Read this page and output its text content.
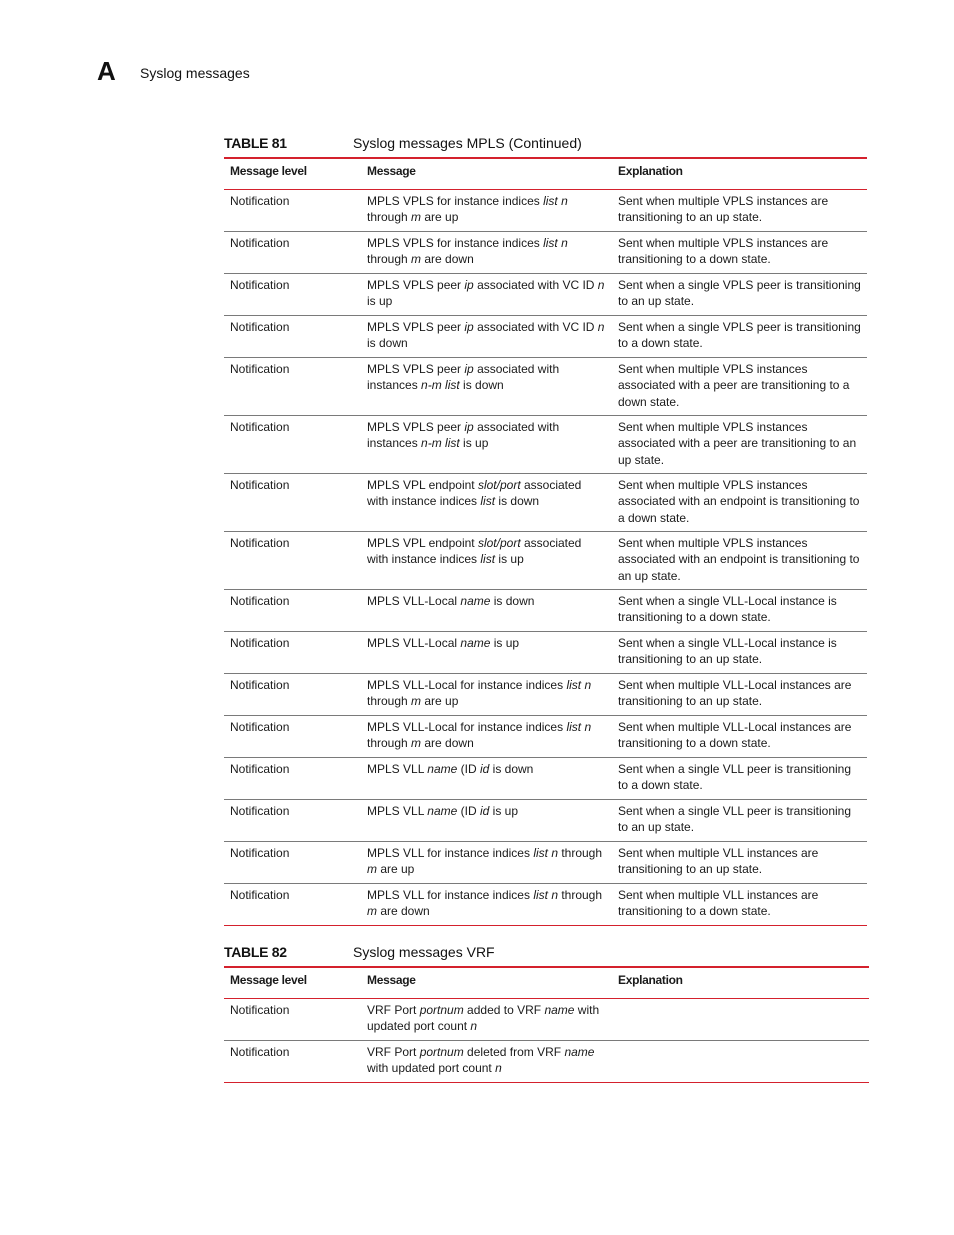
A Syslog messages
TABLE 81	Syslog messages MPLS (Continued)
Message level	Message	Explanation
Notification	MPLS VPLS for instance indices list n through m are up	Sent when multiple VPLS instances are transitioning to an up state.
Notification	MPLS VPLS for instance indices list n through m are down	Sent when multiple VPLS instances are transitioning to a down state.
Notification	MPLS VPLS peer ip associated with VC ID n is up	Sent when a single VPLS peer is transitioning to an up state.
Notification	MPLS VPLS peer ip associated with VC ID n is down	Sent when a single VPLS peer is transitioning to a down state.
Notification	MPLS VPLS peer ip associated with instances n-m list is down	Sent when multiple VPLS instances associated with a peer are transitioning to a down state.
Notification	MPLS VPLS peer ip associated with instances n-m list is up	Sent when multiple VPLS instances associated with a peer are transitioning to an up state.
Notification	MPLS VPL endpoint slot/port associated with instance indices list is down	Sent when multiple VPLS instances associated with an endpoint is transitioning to a down state.
Notification	MPLS VPL endpoint slot/port associated with instance indices list is up	Sent when multiple VPLS instances associated with an endpoint is transitioning to an up state.
Notification	MPLS VLL-Local name is down	Sent when a single VLL-Local instance is transitioning to a down state.
Notification	MPLS VLL-Local name is up	Sent when a single VLL-Local instance is transitioning to an up state.
Notification	MPLS VLL-Local for instance indices list n through m are up	Sent when multiple VLL-Local instances are transitioning to an up state.
Notification	MPLS VLL-Local for instance indices list n through m are down	Sent when multiple VLL-Local instances are transitioning to a down state.
Notification	MPLS VLL name (ID id is down	Sent when a single VLL peer is transitioning to a down state.
Notification	MPLS VLL name (ID id is up	Sent when a single VLL peer is transitioning to an up state.
Notification	MPLS VLL for instance indices list n through m are up	Sent when multiple VLL instances are transitioning to an up state.
Notification	MPLS VLL for instance indices list n through m are down	Sent when multiple VLL instances are transitioning to a down state.
TABLE 82	Syslog messages VRF
Message level	Message	Explanation
Notification	VRF Port portnum added to VRF name with updated port count n	
Notification	VRF Port portnum deleted from VRF name with updated port count n	
